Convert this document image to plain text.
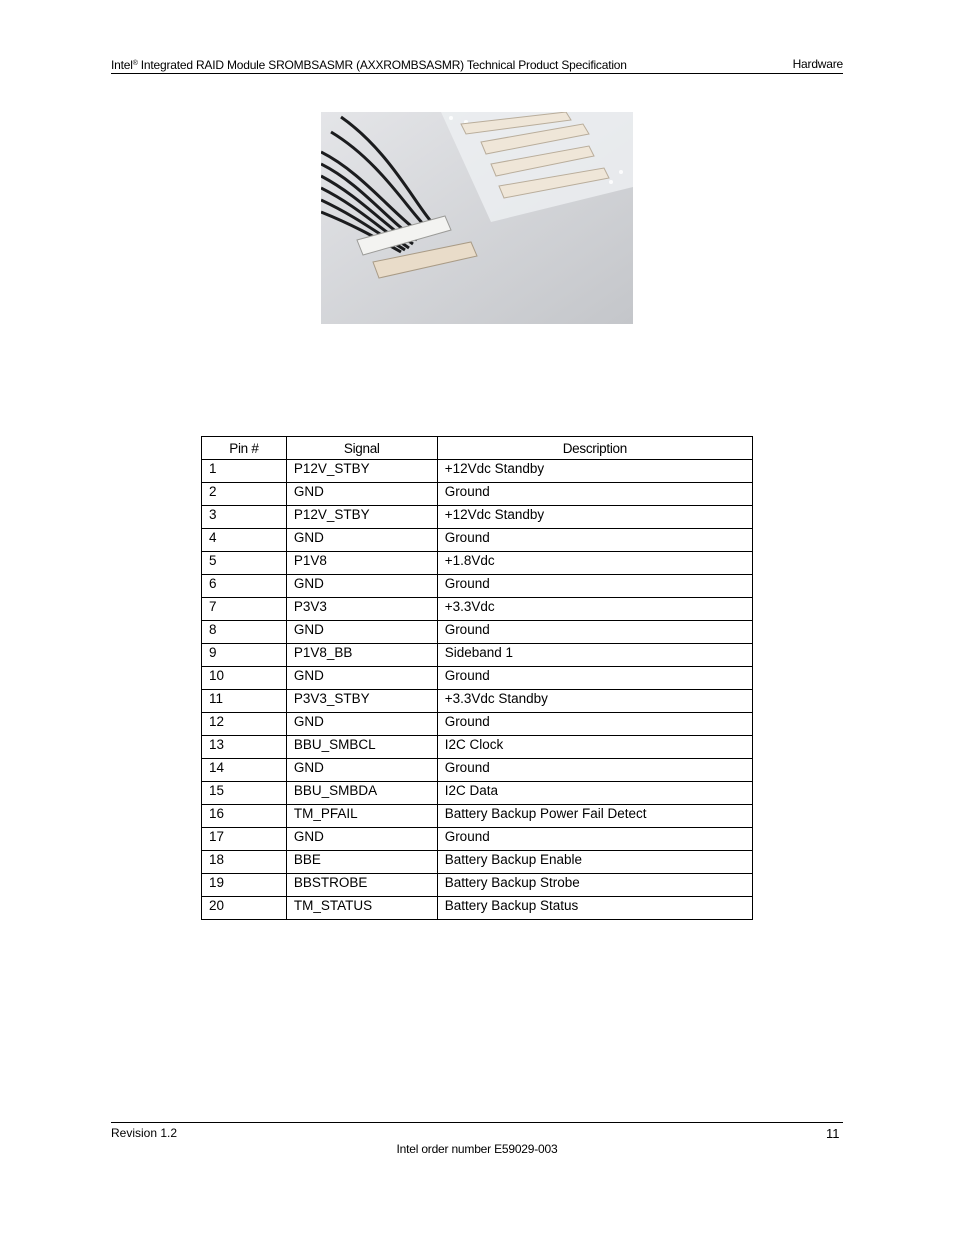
Intel® Integrated RAID Module SROMBSASMR (AXXROMBSASMR) Technical Product Specification	Hardware
Pin #	Signal	Description
1	P12V_STBY	+12Vdc Standby
2	GND	Ground
3	P12V_STBY	+12Vdc Standby
4	GND	Ground
5	P1V8	+1.8Vdc
6	GND	Ground
7	P3V3	+3.3Vdc
8	GND	Ground
9	P1V8_BB	Sideband 1
10	GND	Ground
11	P3V3_STBY	+3.3Vdc Standby
12	GND	Ground
13	BBU_SMBCL	I2C Clock
14	GND	Ground
15	BBU_SMBDA	I2C Data
16	TM_PFAIL	Battery Backup Power Fail Detect
17	GND	Ground
18	BBE	Battery Backup Enable
19	BBSTROBE	Battery Backup Strobe
20	TM_STATUS	Battery Backup Status
Revision 1.2	11
Intel order number E59029-003
